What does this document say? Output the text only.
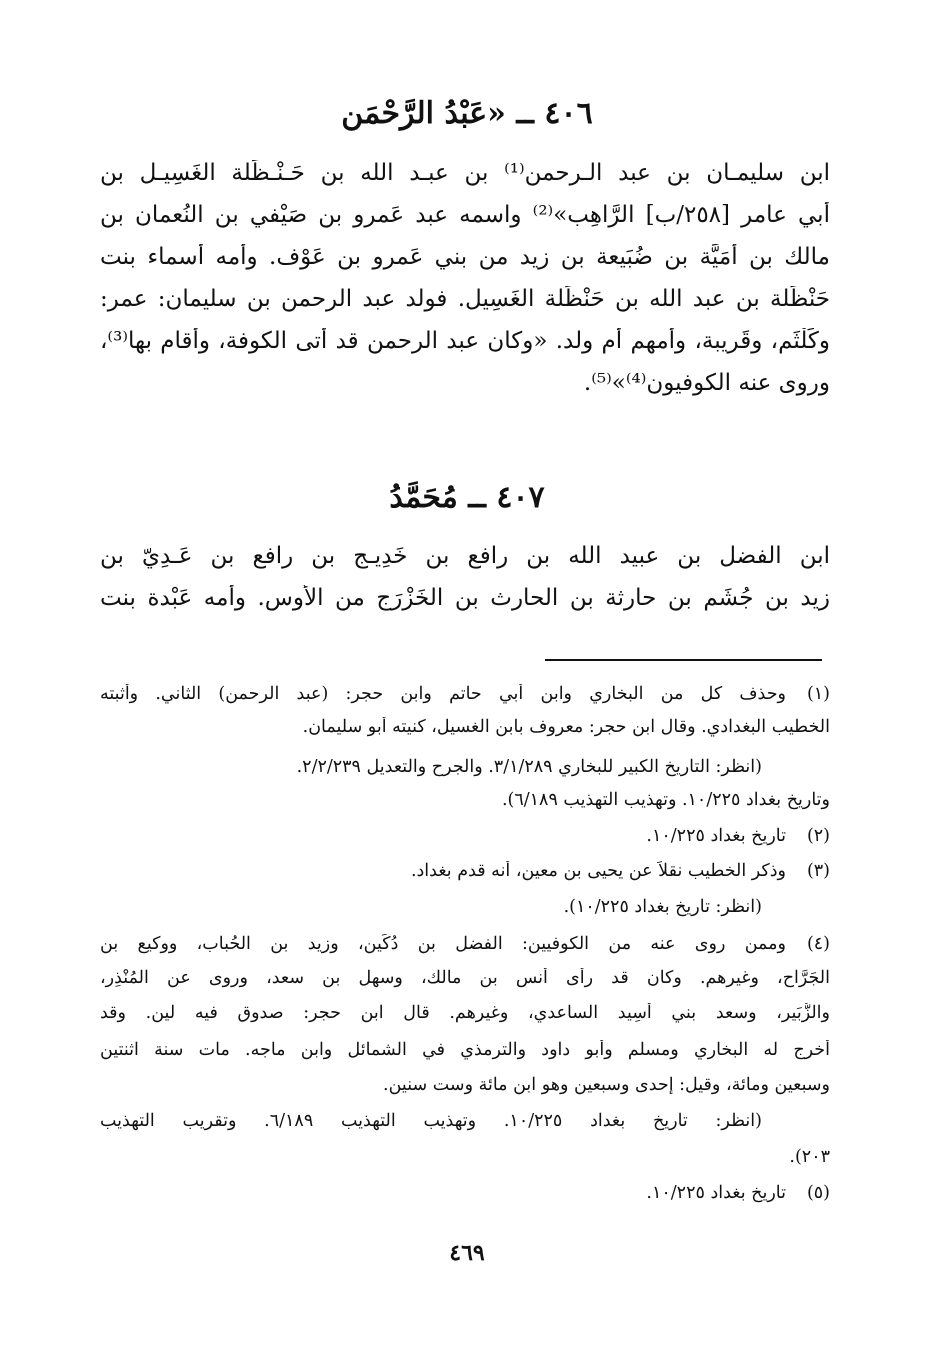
٤٠٦ ــ «عَبْدُ الرَّحْمَن
ابن سليمـان بن عبد الـرحمن⁽¹⁾ بن عبـد الله بن حَـنْـظَلة الغَسِيـل بن
أبي عامر [٢٥٨/ب] الرَّاهِب»⁽²⁾ واسمه عبد عَمرو بن صَيْفي بن النُعمان بن
مالك بن أُمَيَّة بن ضُبَيعة بن زيد من بني عَمرو بن عَوْف. وأمه أسماء بنت
حَنْظَلة بن عبد الله بن حَنْظَلة الغَسِيل. فولد عبد الرحمن بن سليمان: عمر:
وكَلْثَم، وقَرِيبة، وأمهم أم ولد. «وكان عبد الرحمن قد أتى الكوفة، وأقام بها⁽³⁾،
وروى عنه الكوفيون⁽⁴⁾»⁽⁵⁾.
٤٠٧ ــ مُحَمَّدُ
ابن الفضل بن عبيد الله بن رافع بن خَدِيـج بن رافع بن عَـدِيّ بن
زيد بن جُشَم بن حارثة بن الحارث بن الخَزْرَج من الأوس. وأمه عَبْدة بنت
(١)
وحذف كل من البخاري وابن أبي حاتم وابن حجر: (عبد الرحمن) الثاني. وأثبته
الخطيب البغدادي. وقال ابن حجر: معروف بابن الغسيل، كنيته أبو سليمان.
(انظر: التاريخ الكبير للبخاري ٣/١/٢٨٩. والجرح والتعديل ٢/٢/٢٣٩.
وتاريخ بغداد ١٠/٢٢٥. وتهذيب التهذيب ٦/١٨٩).
(٢)
تاريخ بغداد ١٠/٢٢٥.
(٣)
وذكر الخطيب نقلاً عن يحيى بن معين، أنه قدم بغداد.
(انظر: تاريخ بغداد ١٠/٢٢٥).
(٤)
وممن روى عنه من الكوفيين: الفضل بن دُكَين، وزيد بن الحُباب، ووكيع بن
الجَرَّاح، وغيرهم. وكان قد رأى أنس بن مالك، وسهل بن سعد، وروى عن المُنْذِر،
والزُّبَير، وسعد بني أَسِيد الساعدي، وغيرهم. قال ابن حجر: صدوق فيه لين. وقد
أخرج له البخاري ومسلم وأبو داود والترمذي في الشمائل وابن ماجه. مات سنة اثنتين
وسبعين ومائة، وقيل: إحدى وسبعين وهو ابن مائة وست سنين.
(انظر: تاريخ بغداد ١٠/٢٢٥. وتهذيب التهذيب ٦/١٨٩. وتقريب التهذيب
٢٠٣).
(٥)
تاريخ بغداد ١٠/٢٢٥.
٤٦٩
